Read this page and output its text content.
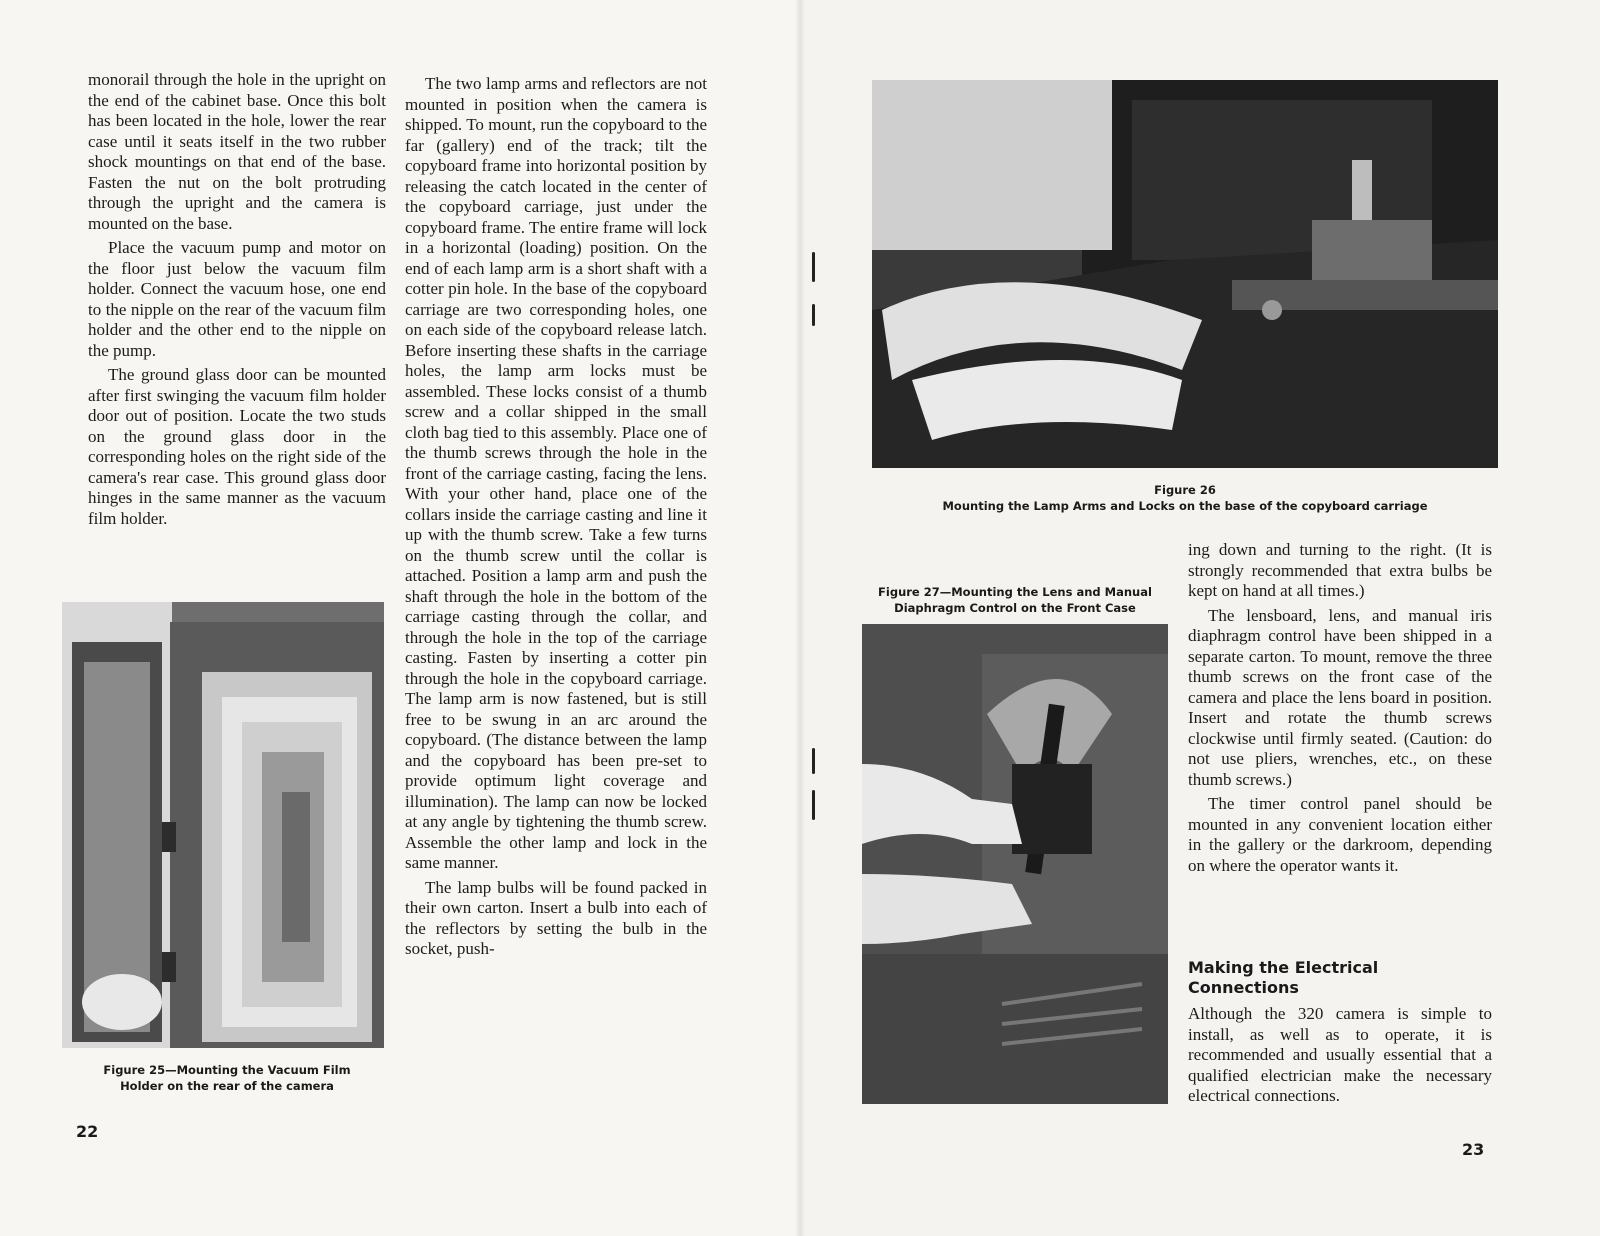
monorail through the hole in the upright on the end of the cabinet base. Once this bolt has been located in the hole, lower the rear case until it seats itself in the two rubber shock mountings on that end of the base. Fasten the nut on the bolt protruding through the upright and the camera is mounted on the base.

Place the vacuum pump and motor on the floor just below the vacuum film holder. Connect the vacuum hose, one end to the nipple on the rear of the vacuum film holder and the other end to the nipple on the pump.

The ground glass door can be mounted after first swinging the vacuum film holder door out of position. Locate the two studs on the ground glass door in the corresponding holes on the right side of the camera's rear case. This ground glass door hinges in the same manner as the vacuum film holder.

Figure 25—Mounting the Vacuum Film Holder on the rear of the camera

The two lamp arms and reflectors are not mounted in position when the camera is shipped. To mount, run the copyboard to the far (gallery) end of the track; tilt the copyboard frame into horizontal position by releasing the catch located in the center of the copyboard carriage, just under the copyboard frame. The entire frame will lock in a horizontal (loading) position. On the end of each lamp arm is a short shaft with a cotter pin hole. In the base of the copyboard carriage are two corresponding holes, one on each side of the copyboard release latch. Before inserting these shafts in the carriage holes, the lamp arm locks must be assembled. These locks consist of a thumb screw and a collar shipped in the small cloth bag tied to this assembly. Place one of the thumb screws through the hole in the front of the carriage casting, facing the lens. With your other hand, place one of the collars inside the carriage casting and line it up with the thumb screw. Take a few turns on the thumb screw until the collar is attached. Position a lamp arm and push the shaft through the hole in the bottom of the carriage casting through the collar, and through the hole in the top of the carriage casting. Fasten by inserting a cotter pin through the hole in the copyboard carriage. The lamp arm is now fastened, but is still free to be swung in an arc around the copyboard. (The distance between the lamp and the copyboard has been pre-set to provide optimum light coverage and illumination). The lamp can now be locked at any angle by tightening the thumb screw. Assemble the other lamp and lock in the same manner.

The lamp bulbs will be found packed in their own carton. Insert a bulb into each of the reflectors by setting the bulb in the socket, push-

22
Figure 26
Mounting the Lamp Arms and Locks on the base of the copyboard carriage
Figure 27—Mounting the Lens and Manual Diaphragm Control on the Front Case

ing down and turning to the right. (It is strongly recommended that extra bulbs be kept on hand at all times.)

The lensboard, lens, and manual iris diaphragm control have been shipped in a separate carton. To mount, remove the three thumb screws on the front case of the camera and place the lens board in position. Insert and rotate the thumb screws clockwise until firmly seated. (Caution: do not use pliers, wrenches, etc., on these thumb screws.)

The timer control panel should be mounted in any convenient location either in the gallery or the darkroom, depending on where the operator wants it.

Making the Electrical Connections

Although the 320 camera is simple to install, as well as to operate, it is recommended and usually essential that a qualified electrician make the necessary electrical connections.

23
